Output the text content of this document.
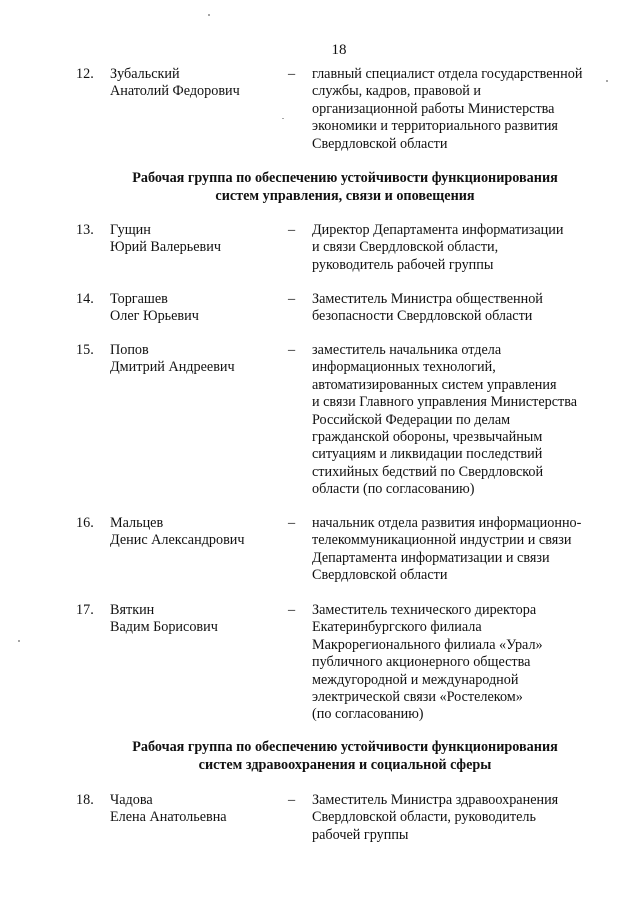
18
12.	Зубальский
Анатолий Федорович
–	главный специалист отдела государственной
службы, кадров, правовой и
организационной работы Министерства
экономики и территориального развития
Свердловской области
Рабочая группа по обеспечению устойчивости функционирования
систем управления, связи и оповещения
13.	Гущин
Юрий Валерьевич
–	Директор Департамента информатизации
и связи Свердловской области,
руководитель рабочей группы
14.	Торгашев
Олег Юрьевич
–	Заместитель Министра общественной
безопасности Свердловской области
15.	Попов
Дмитрий Андреевич
–	заместитель начальника отдела
информационных технологий,
автоматизированных систем управления
и связи Главного управления Министерства
Российской Федерации по делам
гражданской обороны, чрезвычайным
ситуациям и ликвидации последствий
стихийных бедствий по Свердловской
области (по согласованию)
16.	Мальцев
Денис Александрович
–	начальник отдела развития информационно-
телекоммуникационной индустрии и связи
Департамента информатизации и связи
Свердловской области
17.	Вяткин
Вадим Борисович
–	Заместитель технического директора
Екатеринбургского филиала
Макрорегионального филиала «Урал»
публичного акционерного общества
междугородной и международной
электрической связи «Ростелеком»
(по согласованию)
Рабочая группа по обеспечению устойчивости функционирования
систем здравоохранения и социальной сферы
18.	Чадова
Елена Анатольевна
–	Заместитель Министра здравоохранения
Свердловской области, руководитель
рабочей группы
